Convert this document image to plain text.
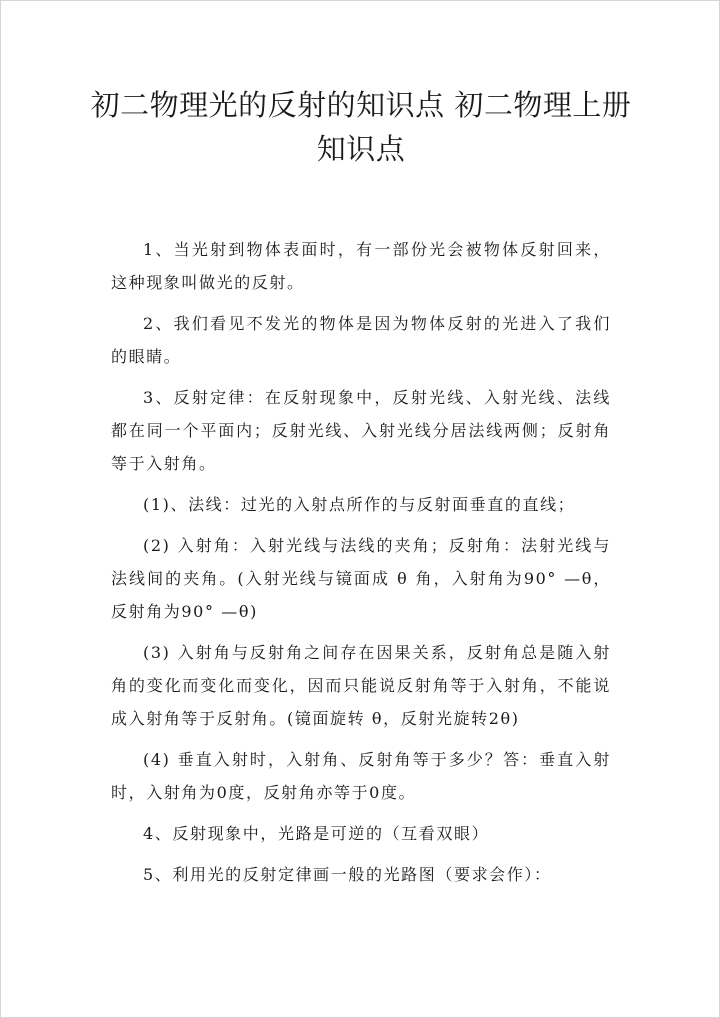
初二物理光的反射的知识点 初二物理上册
知识点

1、当光射到物体表面时，有一部份光会被物体反射回来，这种现象叫做光的反射。

2、我们看见不发光的物体是因为物体反射的光进入了我们的眼睛。

3、反射定律：在反射现象中，反射光线、入射光线、法线都在同一个平面内；反射光线、入射光线分居法线两侧；反射角等于入射角。

(1)、法线：过光的入射点所作的与反射面垂直的直线；

(2) 入射角：入射光线与法线的夹角；反射角：法射光线与法线间的夹角。(入射光线与镜面成 θ 角，入射角为90° —θ，反射角为90° —θ)

(3) 入射角与反射角之间存在因果关系，反射角总是随入射角的变化而变化而变化，因而只能说反射角等于入射角，不能说成入射角等于反射角。(镜面旋转 θ，反射光旋转2θ)

(4) 垂直入射时，入射角、反射角等于多少？答：垂直入射时，入射角为0度，反射角亦等于0度。

4、反射现象中，光路是可逆的（互看双眼）

5、利用光的反射定律画一般的光路图（要求会作）：
